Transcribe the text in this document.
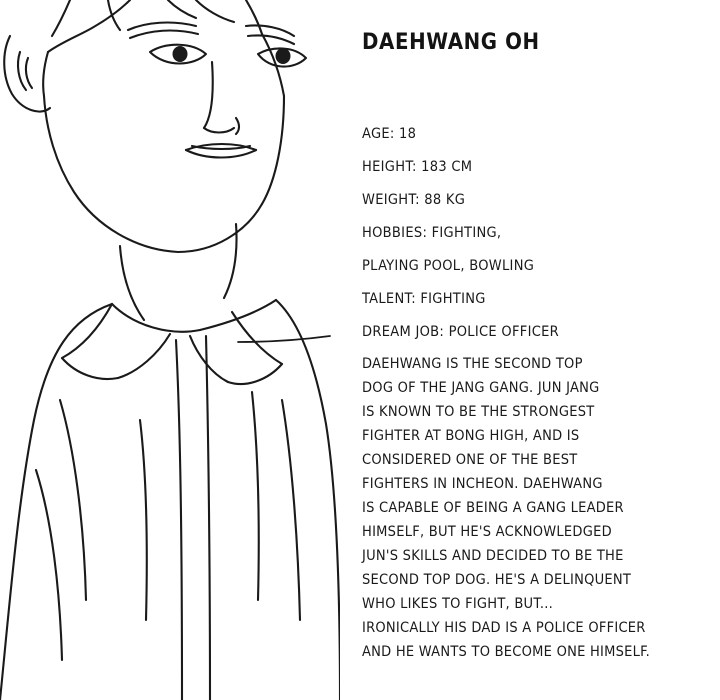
DAEHWANG OH
AGE: 18
HEIGHT: 183 CM
WEIGHT: 88 KG
HOBBIES: FIGHTING,
PLAYING POOL, BOWLING
TALENT: FIGHTING
DREAM JOB: POLICE OFFICER
DAEHWANG IS THE SECOND TOP
DOG OF THE JANG GANG. JUN JANG
IS KNOWN TO BE THE STRONGEST
FIGHTER AT BONG HIGH, AND IS
CONSIDERED ONE OF THE BEST
FIGHTERS IN INCHEON. DAEHWANG
IS CAPABLE OF BEING A GANG LEADER
HIMSELF, BUT HE'S ACKNOWLEDGED
JUN'S SKILLS AND DECIDED TO BE THE
SECOND TOP DOG. HE'S A DELINQUENT
WHO LIKES TO FIGHT, BUT...
IRONICALLY HIS DAD IS A POLICE OFFICER
AND HE WANTS TO BECOME ONE HIMSELF.
